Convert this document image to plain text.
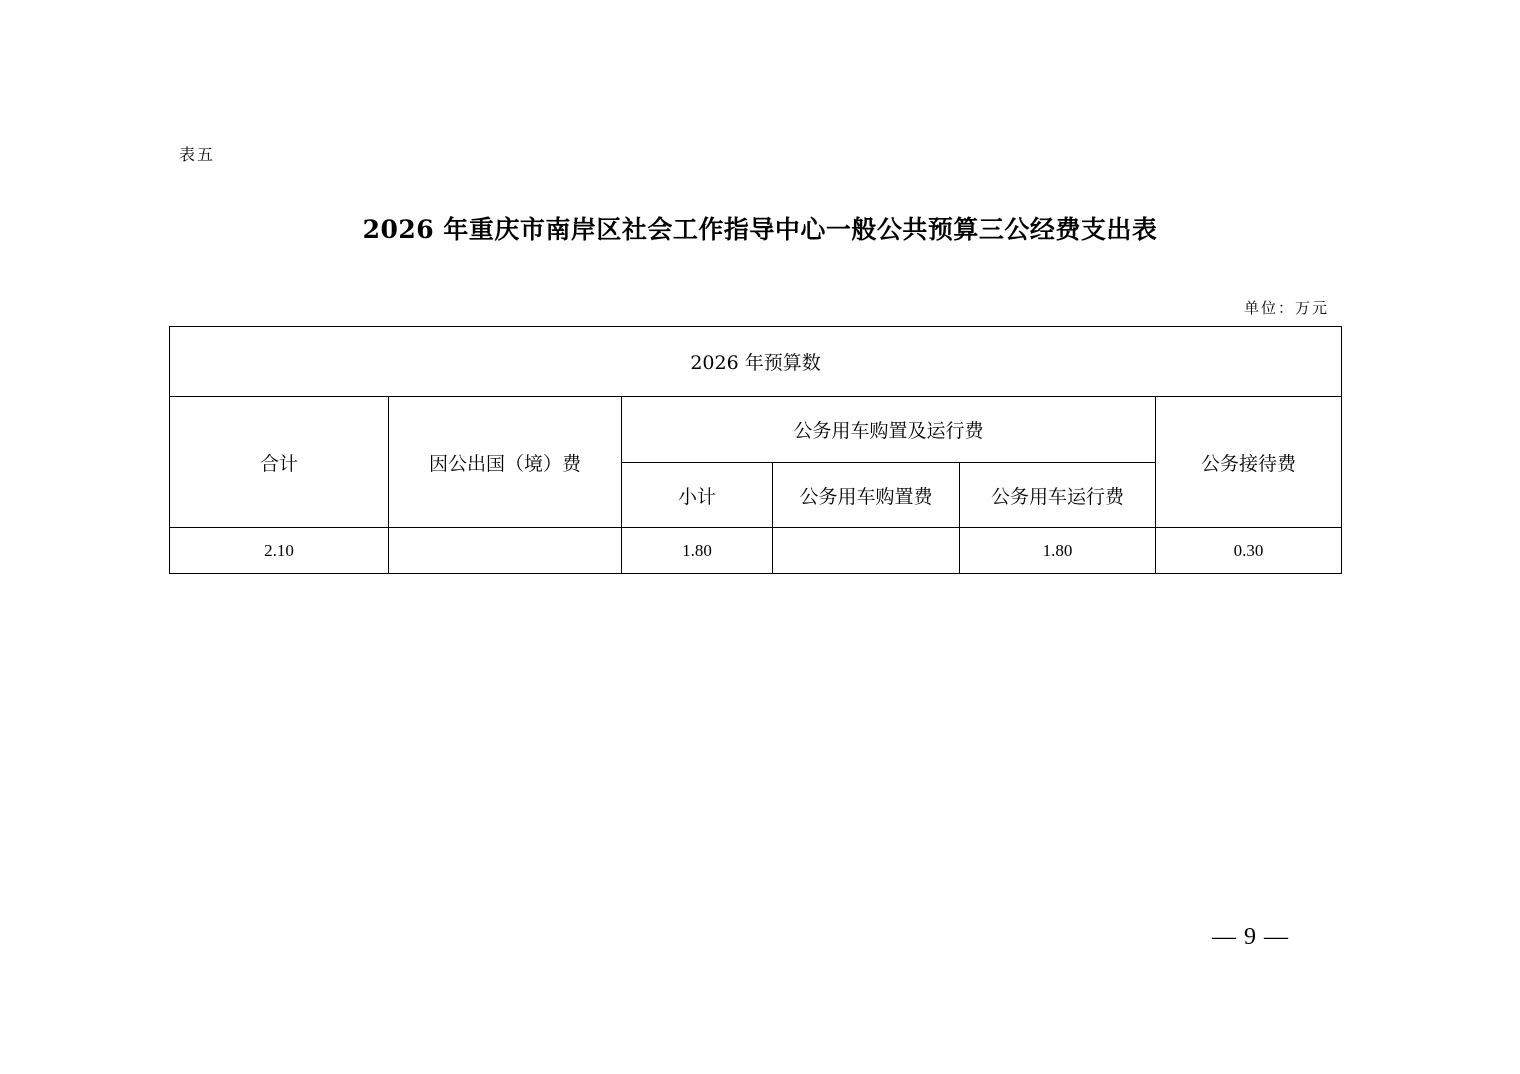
表五
2026 年重庆市南岸区社会工作指导中心一般公共预算三公经费支出表
单位：万元
2026 年预算数					
合计	因公出国（境）费	公务用车购置及运行费			公务接待费
		小计	公务用车购置费	公务用车运行费	
2.10		1.80		1.80	0.30
— 9 —
